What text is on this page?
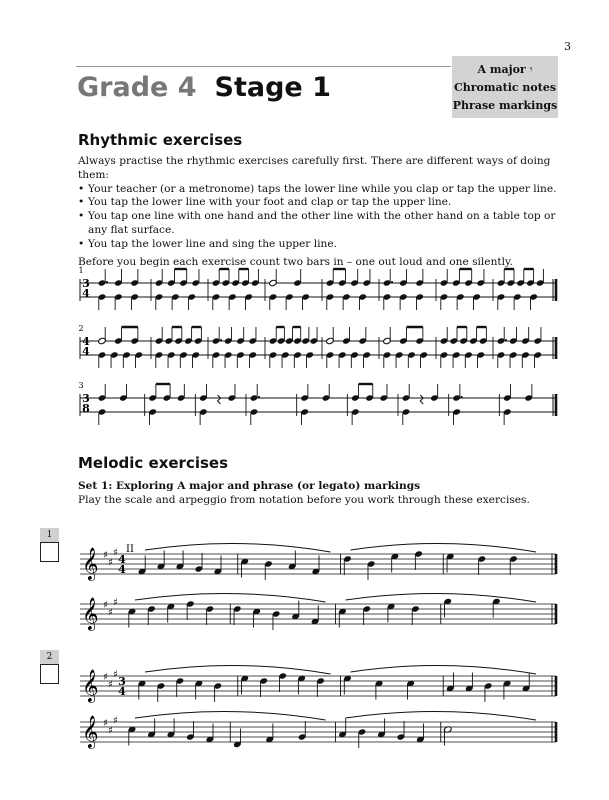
3
Grade 4 Stage 1
A major 𝄾
Chromatic notes
Phrase markings
Rhythmic exercises

Always practise the rhythmic exercises carefully first. There are different ways of doing them:

• Your teacher (or a metronome) taps the lower line while you clap or tap the upper line.
• You tap the lower line with your foot and clap or tap the upper line.
• You tap one line with one hand and the other line with the other hand on a table top or any flat surface.
• You tap the lower line and sing the upper line.

Before you begin each exercise count two bars in – one out loud and one silently.

Melodic exercises

Set 1: Exploring A major and phrase (or legato) markings

Play the scale and arpeggio from notation before you work through these exercises.

1
2
1
3
4
2
4
4
3
3
8
II
𝄞 ♯
♯
♯ 4
4
𝄞 ♯
♯
♯
𝄞 ♯
♯
♯ 3
4
𝄞 ♯
♯
♯
